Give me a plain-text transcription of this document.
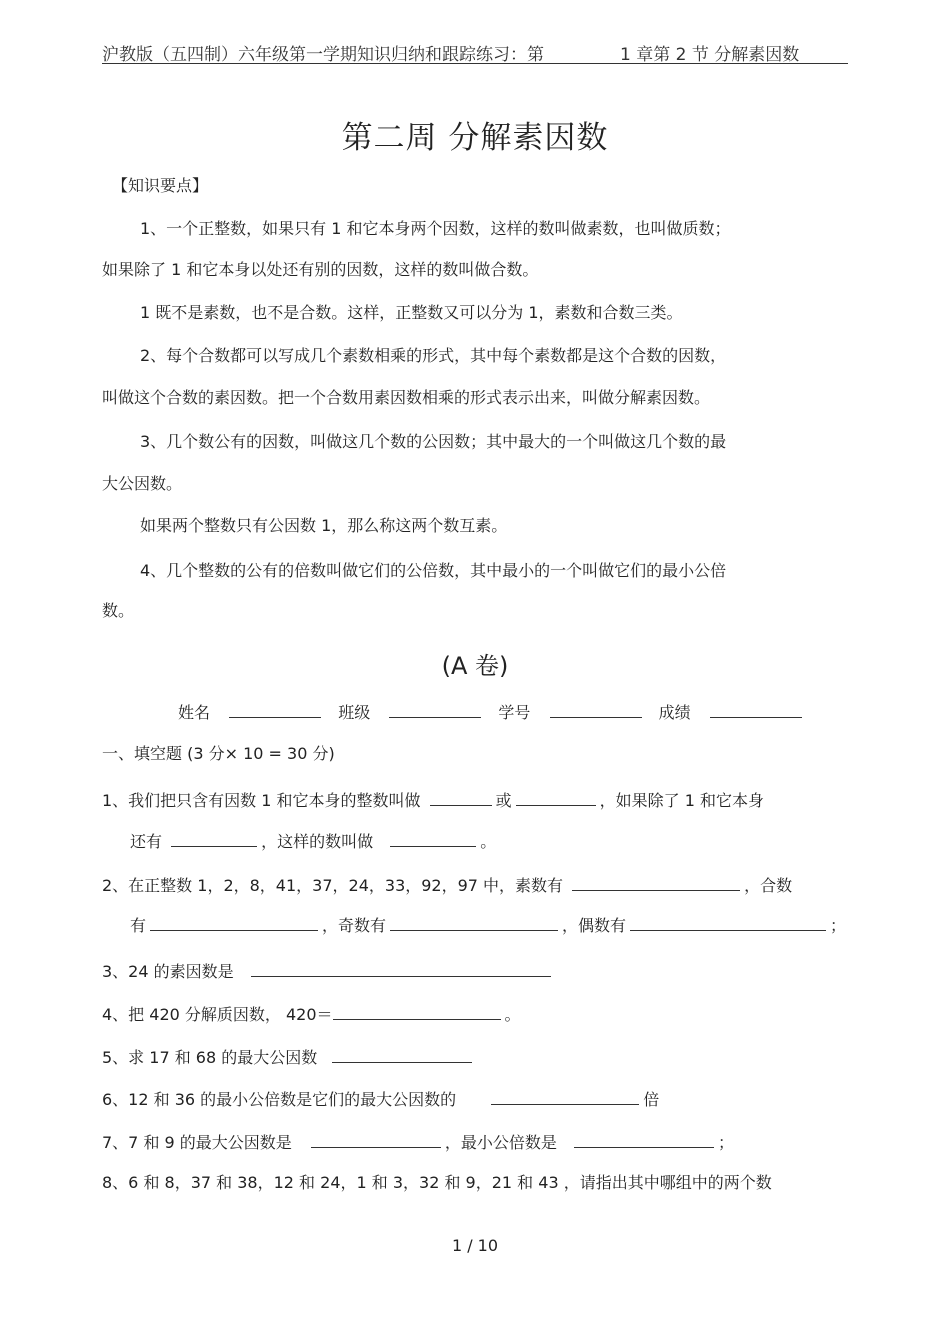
沪教版（五四制）六年级第一学期知识归纳和跟踪练习：第	1 章第 2 节 分解素因数
第二周 分解素因数
【知识要点】
1、一个正整数，如果只有 1 和它本身两个因数，这样的数叫做素数，也叫做质数；
如果除了 1 和它本身以处还有别的因数，这样的数叫做合数。
1 既不是素数，也不是合数。这样，正整数又可以分为 1，素数和合数三类。
2、每个合数都可以写成几个素数相乘的形式，其中每个素数都是这个合数的因数，
叫做这个合数的素因数。把一个合数用素因数相乘的形式表示出来，叫做分解素因数。
3、几个数公有的因数，叫做这几个数的公因数；其中最大的一个叫做这几个数的最
大公因数。
如果两个整数只有公因数 1，那么称这两个数互素。
4、几个整数的公有的倍数叫做它们的公倍数，其中最小的一个叫做它们的最小公倍
数。
(A 卷)
姓名	班级	学号	成绩
一、填空题 (3 分× 10 = 30 分)
1、我们把只含有因数 1 和它本身的整数叫做	或	，如果除了 1 和它本身
还有	，这样的数叫做	。
2、在正整数 1，2，8，41，37，24，33，92，97 中，素数有	，合数
有	，奇数有	，偶数有	；
3、24 的素因数是
4、把 420 分解质因数， 420＝	。
5、求 17 和 68 的最大公因数
6、12 和 36 的最小公倍数是它们的最大公因数的	倍
7、7 和 9 的最大公因数是	，最小公倍数是	；
8、6 和 8，37 和 38，12 和 24，1 和 3，32 和 9，21 和 43 ，请指出其中哪组中的两个数
1 / 10
